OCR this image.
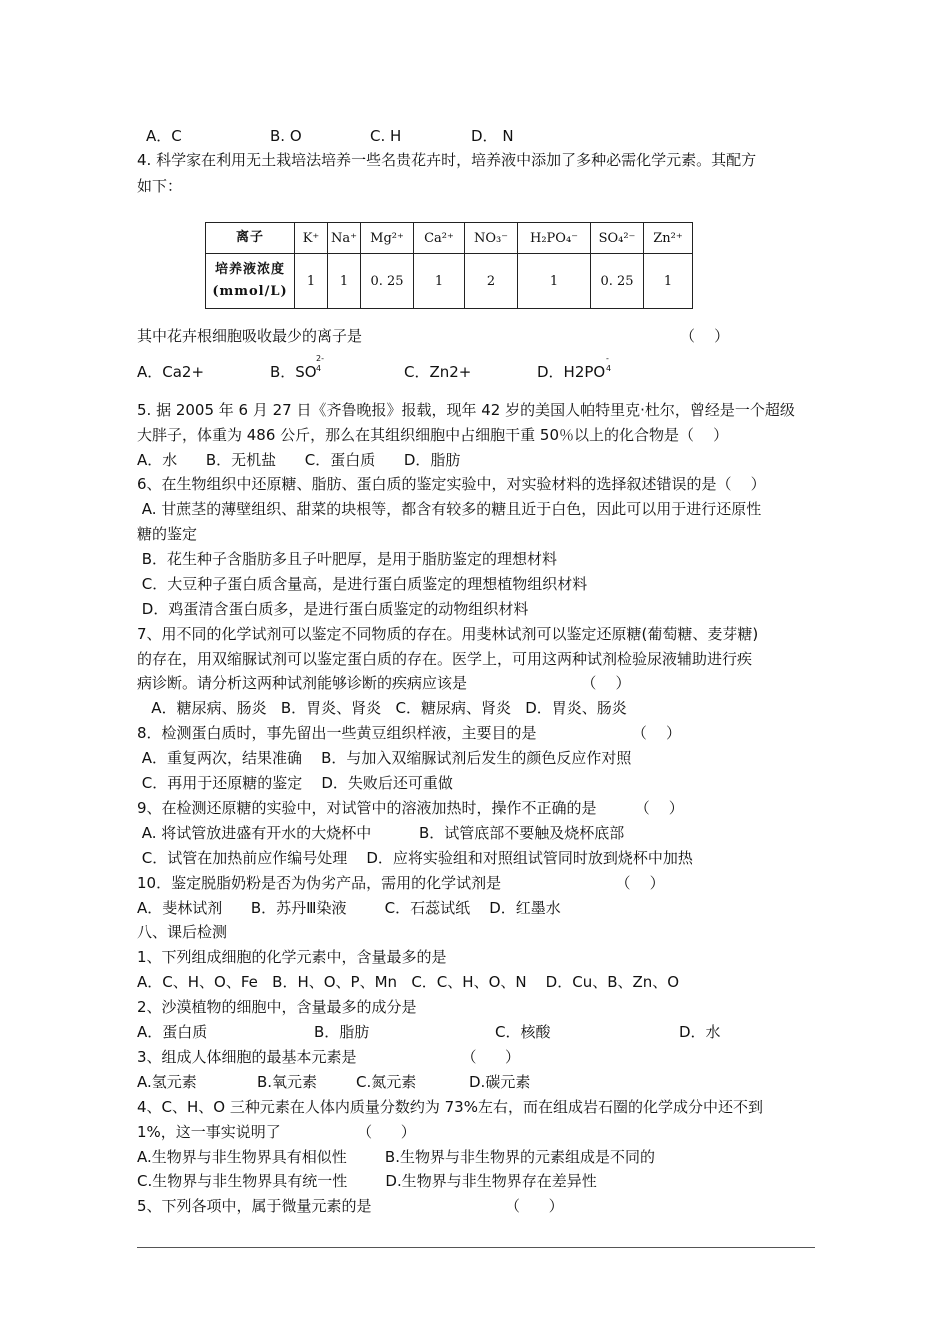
A．C	B. O	C. H	D． N
4. 科学家在利用无土栽培法培养一些名贵花卉时，培养液中添加了多种必需化学元素。其配方
如下：
离子	K⁺	Na⁺	Mg²⁺	Ca²⁺	NO₃⁻	H₂PO₄⁻	SO₄²⁻	Zn²⁺

培养液浓度
(mmol/L)	1	1	0. 25	1	2	1	0. 25	1
其中花卉根细胞吸收最少的离子是	（    ）
A．Ca2+	B．SO
2-
4	C．Zn2+	D．H2PO
-
4
5. 据 2005 年 6 月 27 日《齐鲁晚报》报载，现年 42 岁的美国人帕特里克·杜尔，曾经是一个超级
大胖子，体重为 486 公斤，那么在其组织细胞中占细胞干重 50％以上的化合物是（    ）
A．水      B．无机盐      C．蛋白质      D．脂肪
6、在生物组织中还原糖、脂肪、蛋白质的鉴定实验中，对实验材料的选择叙述错误的是（    ）
A. 甘蔗茎的薄壁组织、甜菜的块根等，都含有较多的糖且近于白色，因此可以用于进行还原性
糖的鉴定
B．花生种子含脂肪多且子叶肥厚，是用于脂肪鉴定的理想材料
C．大豆种子蛋白质含量高，是进行蛋白质鉴定的理想植物组织材料
D．鸡蛋清含蛋白质多，是进行蛋白质鉴定的动物组织材料
7、用不同的化学试剂可以鉴定不同物质的存在。用斐林试剂可以鉴定还原糖(葡萄糖、麦芽糖)
的存在，用双缩脲试剂可以鉴定蛋白质的存在。医学上，可用这两种试剂检验尿液辅助进行疾
病诊断。请分析这两种试剂能够诊断的疾病应该是                        （    ）
A．糖尿病、肠炎   B．胃炎、肾炎   C．糖尿病、肾炎   D．胃炎、肠炎
8．检测蛋白质时，事先留出一些黄豆组织样液，主要目的是                    （    ）
A．重复两次，结果准确    B．与加入双缩脲试剂后发生的颜色反应作对照
C．再用于还原糖的鉴定    D．失败后还可重做
9、在检测还原糖的实验中，对试管中的溶液加热时，操作不正确的是        （    ）
A. 将试管放进盛有开水的大烧杯中          B．试管底部不要触及烧杯底部
C．试管在加热前应作编号处理    D．应将实验组和对照组试管同时放到烧杯中加热
10．鉴定脱脂奶粉是否为伪劣产品，需用的化学试剂是                        （    ）
A．斐林试剂      B．苏丹Ⅲ染液        C．石蕊试纸    D．红墨水
八、课后检测
1、下列组成细胞的化学元素中，含量最多的是
A．C、H、O、Fe   B．H、O、P、Mn   C．C、H、O、N    D．Cu、B、Zn、O
2、沙漠植物的细胞中，含量最多的成分是
A．蛋白质	B．脂肪	C．核酸	D．水
3、组成人体细胞的最基本元素是                      （      ）
A.氢元素	B.氧元素	C.氮元素	D.碳元素
4、C、H、O 三种元素在人体内质量分数约为 73%左右，而在组成岩石圈的化学成分中还不到
1%，这一事实说明了                （      ）
A.生物界与非生物界具有相似性        B.生物界与非生物界的元素组成是不同的
C.生物界与非生物界具有统一性        D.生物界与非生物界存在差异性
5、下列各项中，属于微量元素的是                            （      ）
